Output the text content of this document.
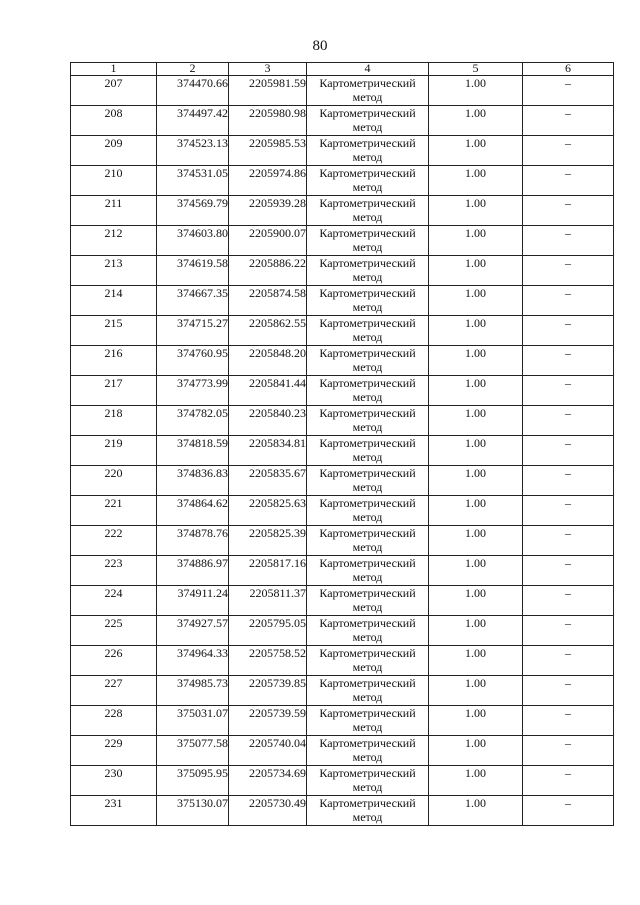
80
1	2	3	4	5	6
207	374470.66	2205981.59	Картометрический метод	1.00	–
208	374497.42	2205980.98	Картометрический метод	1.00	–
209	374523.13	2205985.53	Картометрический метод	1.00	–
210	374531.05	2205974.86	Картометрический метод	1.00	–
211	374569.79	2205939.28	Картометрический метод	1.00	–
212	374603.80	2205900.07	Картометрический метод	1.00	–
213	374619.58	2205886.22	Картометрический метод	1.00	–
214	374667.35	2205874.58	Картометрический метод	1.00	–
215	374715.27	2205862.55	Картометрический метод	1.00	–
216	374760.95	2205848.20	Картометрический метод	1.00	–
217	374773.99	2205841.44	Картометрический метод	1.00	–
218	374782.05	2205840.23	Картометрический метод	1.00	–
219	374818.59	2205834.81	Картометрический метод	1.00	–
220	374836.83	2205835.67	Картометрический метод	1.00	–
221	374864.62	2205825.63	Картометрический метод	1.00	–
222	374878.76	2205825.39	Картометрический метод	1.00	–
223	374886.97	2205817.16	Картометрический метод	1.00	–
224	374911.24	2205811.37	Картометрический метод	1.00	–
225	374927.57	2205795.05	Картометрический метод	1.00	–
226	374964.33	2205758.52	Картометрический метод	1.00	–
227	374985.73	2205739.85	Картометрический метод	1.00	–
228	375031.07	2205739.59	Картометрический метод	1.00	–
229	375077.58	2205740.04	Картометрический метод	1.00	–
230	375095.95	2205734.69	Картометрический метод	1.00	–
231	375130.07	2205730.49	Картометрический метод	1.00	–
